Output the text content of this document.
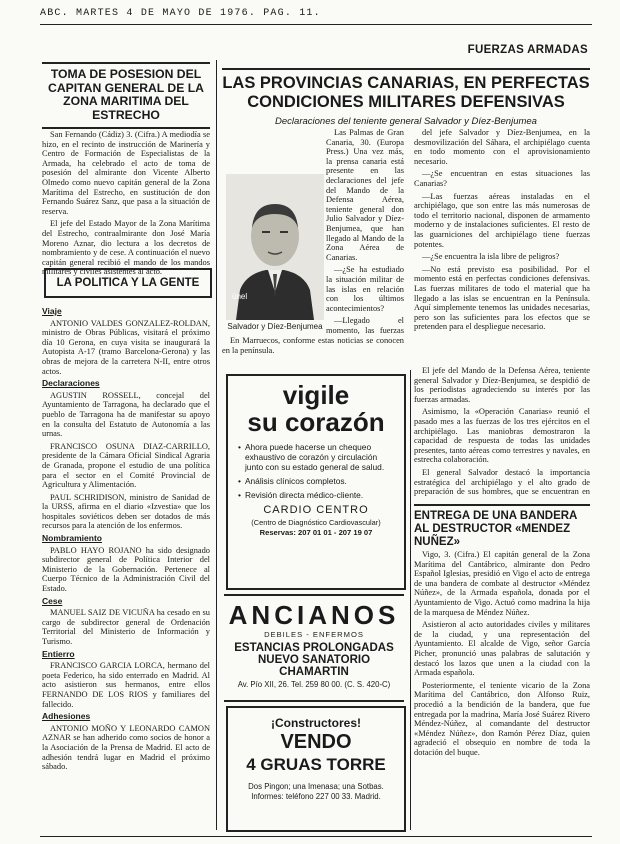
ABC. MARTES 4 DE MAYO DE 1976. PAG. 11.
FUERZAS ARMADAS
TOMA DE POSESION DEL CAPITAN GENERAL DE LA ZONA MARITIMA DEL ESTRECHO

San Fernando (Cádiz) 3. (Cifra.) A mediodía se hizo, en el recinto de instrucción de Marinería y Centro de Formación de Especialistas de la Armada, ha celebrado el acto de toma de posesión del almirante don Vicente Alberto Olmedo como nuevo capitán general de la Zona Marítima del Estrecho, en sustitución de don Fernando Suárez Sanz, que pasa a la situación de reserva.

El jefe del Estado Mayor de la Zona Marítima del Estrecho, contraalmirante don José María Moreno Aznar, dio lectura a los decretos de nombramiento y de cese. A continuación el nuevo capitán general recibió el mando de los mandos militares y civiles asistentes al acto.

LA POLITICA Y LA GENTE
Viaje

ANTONIO VALDES GONZALEZ-ROLDAN, ministro de Obras Públicas, visitará el próximo día 10 Gerona, en cuya visita se inaugurará la Autopista A-17 (tramo Barcelona-Gerona) y las obras de mejora de la carretera N-II, entre otros actos.

Declaraciones

AGUSTIN ROSSELL, concejal del Ayuntamiento de Tarragona, ha declarado que el pueblo de Tarragona ha de manifestar su apoyo en la consulta del Estatuto de Autonomía a las urnas.

FRANCISCO OSUNA DIAZ-CARRILLO, presidente de la Cámara Oficial Sindical Agraria de Granada, propone el estudio de una política para el sector en el Comité Provincial de Agricultura y Alimentación.

PAUL SCHRIDISON, ministro de Sanidad de la URSS, afirma en el diario «Izvestia» que los hospitales soviéticos deben ser dotados de más recursos para la atención de los enfermos.

Nombramiento

PABLO HAYO ROJANO ha sido designado subdirector general de Política Interior del Ministerio de la Gobernación. Pertenece al Cuerpo Técnico de la Administración Civil del Estado.

Cese

MANUEL SAIZ DE VICUÑA ha cesado en su cargo de subdirector general de Ordenación Territorial del Ministerio de Información y Turismo.

Entierro

FRANCISCO GARCIA LORCA, hermano del poeta Federico, ha sido enterrado en Madrid. Al acto asistieron sus hermanos, entre ellos FERNANDO DE LOS RIOS y familiares del fallecido.

Adhesiones

ANTONIO MOÑO Y LEONARDO CAMON AZNAR se han adherido como socios de honor a la Asociación de la Prensa de Madrid. El acto de adhesión tendrá lugar en Madrid el próximo sábado.

LAS PROVINCIAS CANARIAS, EN PERFECTAS CONDICIONES MILITARES DEFENSIVAS
Declaraciones del teniente general Salvador y Díez-Benjumea
ünel
Salvador y Díez-Benjumea

Las Palmas de Gran Canaria, 30. (Europa Press.) Una vez más, la prensa canaria está presente en las declaraciones del jefe del Mando de la Defensa Aérea, teniente general don Julio Salvador y Díez-Benjumea, que han llegado al Mando de la Zona Aérea de Canarias.

—¿Se ha estudiado la situación militar de las islas en relación con los últimos acontecimientos?

—Llegado el momento, las fuerzas

En Marruecos, conforme estas noticias se conocen en la península.

del jefe Salvador y Díez-Benjumea, en la desmovilización del Sáhara, el archipiélago cuenta en todo momento con el aprovisionamiento necesario.

—¿Se encuentran en estas situaciones las Canarias?

—Las fuerzas aéreas instaladas en el archipiélago, que son entre las más numerosas de todo el territorio nacional, disponen de armamento moderno y de instalaciones suficientes. El resto de las guarniciones del archipiélago tiene fuerzas potentes.

—¿Se encuentra la isla libre de peligros?

—No está previsto esa posibilidad. Por el momento está en perfectas condiciones defensivas. Las fuerzas militares de todo el material que ha llegado a las islas se encuentran en la Península. Aquí simplemente tenemos las unidades necesarias, pero son las suficientes para los efectos que se pretenden para el despliegue necesario.

El jefe del Mando de la Defensa Aérea, teniente general Salvador y Díez-Benjumea, se despidió de los periodistas agradeciendo su interés por las fuerzas armadas.

Asimismo, la «Operación Canarias» reunió el pasado mes a las fuerzas de los tres ejércitos en el archipiélago. Las maniobras demostraron la capacidad de respuesta de todas las unidades presentes, tanto aéreas como terrestres y navales, en estrecha colaboración.

El general Salvador destacó la importancia estratégica del archipiélago y el alto grado de preparación de sus hombres, que se encuentran en

ENTREGA DE UNA BANDERA AL DESTRUCTOR «MENDEZ NUÑEZ»

Vigo, 3. (Cifra.) El capitán general de la Zona Marítima del Cantábrico, almirante don Pedro Español Iglesias, presidió en Vigo el acto de entrega de una bandera de combate al destructor «Méndez Núñez», de la Armada española, donada por el Ayuntamiento de Vigo. Actuó como madrina la hija de la marquesa de Méndez Núñez.

Asistieron al acto autoridades civiles y militares de la ciudad, y una representación del Ayuntamiento. El alcalde de Vigo, señor García Picher, pronunció unas palabras de salutación y destacó los lazos que unen a la ciudad con la Armada española.

Posteriormente, el teniente vicario de la Zona Marítima del Cantábrico, don Alfonso Ruiz, procedió a la bendición de la bandera, que fue entregada por la madrina, María José Suárez Rivero Méndez-Núñez, al comandante del destructor «Méndez Núñez», don Ramón Pérez Díaz, quien agradeció el obsequio en nombre de toda la dotación del buque.

vigile
su corazón
• Ahora puede hacerse un chequeo exhaustivo de corazón y circulación junto con su estado general de salud.
• Análisis clínicos completos.
• Revisión directa médico-cliente.
CARDIO CENTRO
(Centro de Diagnóstico Cardiovascular)
Reservas: 207 01 01 - 207 19 07
ANCIANOS
DEBILES - ENFERMOS
ESTANCIAS PROLONGADAS
NUEVO SANATORIO CHAMARTIN
Av. Pío XII, 26. Tel. 259 80 00. (C. S. 420-C)
¡Constructores!
VENDO
4 GRUAS TORRE
Dos Pingon; una Imenasa; una Sotbas. Informes: teléfono 227 00 33. Madrid.
